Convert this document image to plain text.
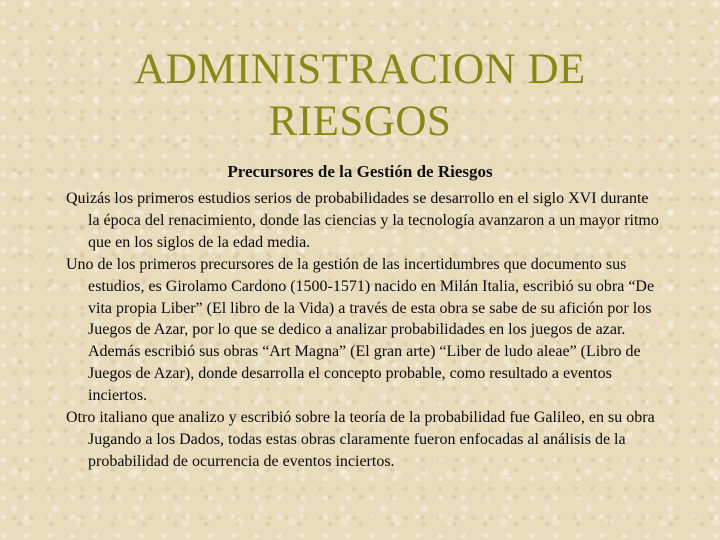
ADMINISTRACION DE
RIESGOS
Precursores de la Gestión de Riesgos

Quizás los primeros estudios serios de probabilidades se desarrollo en el siglo XVI durante la época del renacimiento, donde las ciencias y la tecnología avanzaron a un mayor ritmo que en los siglos de la edad media.

Uno de los primeros precursores de la gestión de las incertidumbres que documento sus estudios, es Girolamo Cardono (1500-1571) nacido en Milán Italia, escribió su obra “De vita propia Liber” (El libro de la Vida) a través de esta obra se sabe de su afición por los Juegos de Azar, por lo que se dedico a analizar probabilidades en los juegos de azar. Además escribió sus obras “Art Magna” (El gran arte) “Liber de ludo aleae” (Libro de Juegos de Azar), donde desarrolla el concepto probable, como resultado a eventos inciertos.

Otro italiano que analizo y escribió sobre la teoría de la probabilidad fue Galileo, en su obra Jugando a los Dados, todas estas obras claramente fueron enfocadas al análisis de la probabilidad de ocurrencia de eventos inciertos.
